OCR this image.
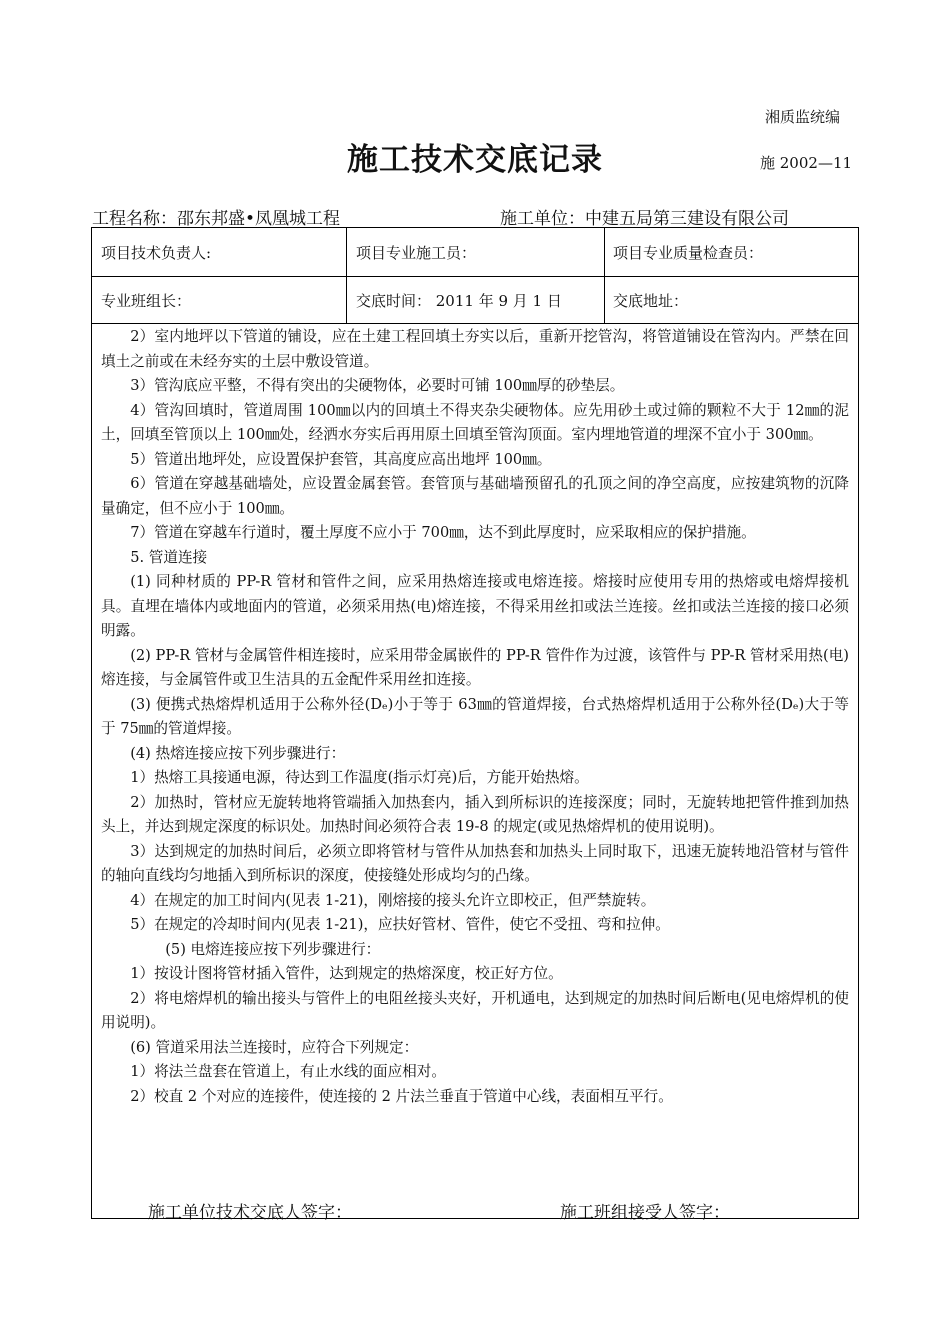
湘质监统编
施工技术交底记录	施 2002—11
工程名称：邵东邦盛•凤凰城工程	施工单位：中建五局第三建设有限公司
项目技术负责人:	项目专业施工员：	项目专业质量检查员：
专业班组长：	交底时间： 2011 年 9 月 1 日	交底地址：

2）室内地坪以下管道的铺设，应在土建工程回填土夯实以后，重新开挖管沟，将管道铺设在管沟内。严禁在回填土之前或在未经夯实的土层中敷设管道。

3）管沟底应平整，不得有突出的尖硬物体，必要时可铺 100㎜厚的砂垫层。

4）管沟回填时，管道周围 100㎜以内的回填土不得夹杂尖硬物体。应先用砂土或过筛的颗粒不大于 12㎜的泥土，回填至管顶以上 100㎜处，经洒水夯实后再用原土回填至管沟顶面。室内埋地管道的埋深不宜小于 300㎜。

5）管道出地坪处，应设置保护套管，其高度应高出地坪 100㎜。

6）管道在穿越基础墙处，应设置金属套管。套管顶与基础墙预留孔的孔顶之间的净空高度，应按建筑物的沉降量确定，但不应小于 100㎜。

7）管道在穿越车行道时，覆土厚度不应小于 700㎜，达不到此厚度时，应采取相应的保护措施。

5. 管道连接

(1) 同种材质的 PP-R 管材和管件之间，应采用热熔连接或电熔连接。熔接时应使用专用的热熔或电熔焊接机具。直埋在墙体内或地面内的管道，必须采用热(电)熔连接，不得采用丝扣或法兰连接。丝扣或法兰连接的接口必须明露。

(2) PP-R 管材与金属管件相连接时，应采用带金属嵌件的 PP-R 管件作为过渡，该管件与 PP-R 管材采用热(电)熔连接，与金属管件或卫生洁具的五金配件采用丝扣连接。

(3) 便携式热熔焊机适用于公称外径(Dₑ)小于等于 63㎜的管道焊接，台式热熔焊机适用于公称外径(Dₑ)大于等于 75㎜的管道焊接。

(4) 热熔连接应按下列步骤进行：

1）热熔工具接通电源，待达到工作温度(指示灯亮)后，方能开始热熔。

2）加热时，管材应无旋转地将管端插入加热套内，插入到所标识的连接深度；同时，无旋转地把管件推到加热头上，并达到规定深度的标识处。加热时间必须符合表 19-8 的规定(或见热熔焊机的使用说明)。

3）达到规定的加热时间后，必须立即将管材与管件从加热套和加热头上同时取下，迅速无旋转地沿管材与管件的轴向直线均匀地插入到所标识的深度，使接缝处形成均匀的凸缘。

4）在规定的加工时间内(见表 1-21)，刚熔接的接头允许立即校正，但严禁旋转。

5）在规定的冷却时间内(见表 1-21)，应扶好管材、管件，使它不受扭、弯和拉伸。

(5) 电熔连接应按下列步骤进行：

1）按设计图将管材插入管件，达到规定的热熔深度，校正好方位。

2）将电熔焊机的输出接头与管件上的电阻丝接头夹好，开机通电，达到规定的加热时间后断电(见电熔焊机的使用说明)。

(6) 管道采用法兰连接时，应符合下列规定：

1）将法兰盘套在管道上，有止水线的面应相对。

2）校直 2 个对应的连接件，使连接的 2 片法兰垂直于管道中心线，表面相互平行。

施工单位技术交底人签字：	施工班组接受人签字：
